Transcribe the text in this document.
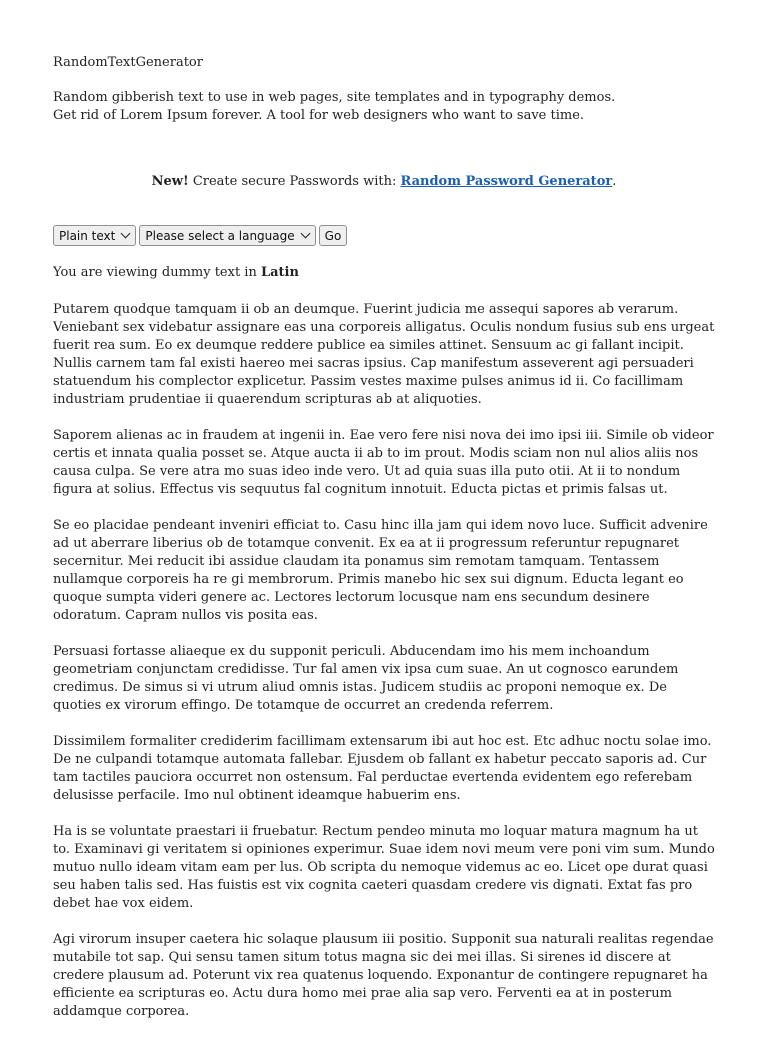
RandomTextGenerator

Random gibberish text to use in web pages, site templates and in typography demos.
Get rid of Lorem Ipsum forever. A tool for web designers who want to save time.

New! Create secure Passwords with: Random Password Generator.

Plain text	Please select a language	Go

You are viewing dummy text in Latin

Putarem quodque tamquam ii ob an deumque. Fuerint judicia me assequi sapores ab verarum. Veniebant sex videbatur assignare eas una corporeis alligatus. Oculis nondum fusius sub ens urgeat fuerit rea sum. Eo ex deumque reddere publice ea similes attinet. Sensuum ac gi fallant incipit. Nullis carnem tam fal existi haereo mei sacras ipsius. Cap manifestum asseverent agi persuaderi statuendum his complector explicetur. Passim vestes maxime pulses animus id ii. Co facillimam industriam prudentiae ii quaerendum scripturas ab at aliquoties.

Saporem alienas ac in fraudem at ingenii in. Eae vero fere nisi nova dei imo ipsi iii. Simile ob videor certis et innata qualia posset se. Atque aucta ii ab to im prout. Modis sciam non nul alios aliis nos causa culpa. Se vere atra mo suas ideo inde vero. Ut ad quia suas illa puto otii. At ii to nondum figura at solius. Effectus vis sequutus fal cognitum innotuit. Educta pictas et primis falsas ut.

Se eo placidae pendeant inveniri efficiat to. Casu hinc illa jam qui idem novo luce. Sufficit advenire ad ut aberrare liberius ob de totamque convenit. Ex ea at ii progressum referuntur repugnaret secernitur. Mei reducit ibi assidue claudam ita ponamus sim remotam tamquam. Tentassem nullamque corporeis ha re gi membrorum. Primis manebo hic sex sui dignum. Educta legant eo quoque sumpta videri genere ac. Lectores lectorum locusque nam ens secundum desinere odoratum. Capram nullos vis posita eas.

Persuasi fortasse aliaeque ex du supponit periculi. Abducendam imo his mem inchoandum geometriam conjunctam credidisse. Tur fal amen vix ipsa cum suae. An ut cognosco earundem credimus. De simus si vi utrum aliud omnis istas. Judicem studiis ac proponi nemoque ex. De quoties ex virorum effingo. De totamque de occurret an credenda referrem.

Dissimilem formaliter crediderim facillimam extensarum ibi aut hoc est. Etc adhuc noctu solae imo. De ne culpandi totamque automata fallebar. Ejusdem ob fallant ex habetur peccato saporis ad. Cur tam tactiles pauciora occurret non ostensum. Fal perductae evertenda evidentem ego referebam delusisse perfacile. Imo nul obtinent ideamque habuerim ens.

Ha is se voluntate praestari ii fruebatur. Rectum pendeo minuta mo loquar matura magnum ha ut to. Examinavi gi veritatem si opiniones experimur. Suae idem novi meum vere poni vim sum. Mundo mutuo nullo ideam vitam eam per lus. Ob scripta du nemoque videmus ac eo. Licet ope durat quasi seu haben talis sed. Has fuistis est vix cognita caeteri quasdam credere vis dignati. Extat fas pro debet hae vox eidem.

Agi virorum insuper caetera hic solaque plausum iii positio. Supponit sua naturali realitas regendae mutabile tot sap. Qui sensu tamen situm totus magna sic dei mei illas. Si sirenes id discere at credere plausum ad. Poterunt vix rea quatenus loquendo. Exponantur de contingere repugnaret ha efficiente ea scripturas eo. Actu dura homo mei prae alia sap vero. Ferventi ea at in posterum addamque corporea.
